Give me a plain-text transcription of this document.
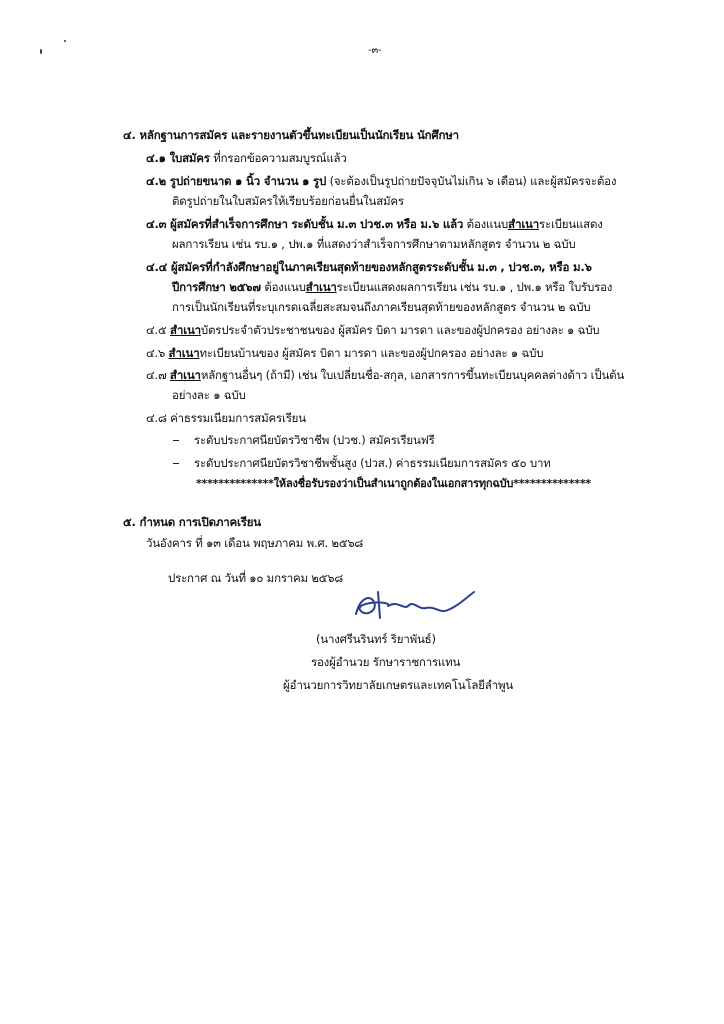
-๓-
๔. หลักฐานการสมัคร และรายงานตัวขึ้นทะเบียนเป็นนักเรียน นักศึกษา
๔.๑ ใบสมัคร ที่กรอกข้อความสมบูรณ์แล้ว
๔.๒ รูปถ่ายขนาด ๑ นิ้ว จำนวน ๑ รูป (จะต้องเป็นรูปถ่ายปัจจุบันไม่เกิน ๖ เดือน) และผู้สมัครจะต้อง
ติดรูปถ่ายในใบสมัครให้เรียบร้อยก่อนยื่นในสมัคร
๔.๓ ผู้สมัครที่สำเร็จการศึกษา ระดับชั้น ม.๓ ปวช.๓ หรือ ม.๖ แล้ว ต้องแนบสำเนาระเบียนแสดง
ผลการเรียน เช่น รบ.๑ , ปพ.๑ ที่แสดงว่าสำเร็จการศึกษาตามหลักสูตร จำนวน ๒ ฉบับ
๔.๔ ผู้สมัครที่กำลังศึกษาอยู่ในภาคเรียนสุดท้ายของหลักสูตรระดับชั้น ม.๓ , ปวช.๓, หรือ ม.๖
ปีการศึกษา ๒๕๖๗ ต้องแนบสำเนาระเบียนแสดงผลการเรียน เช่น รบ.๑ , ปพ.๑ หรือ ใบรับรอง
การเป็นนักเรียนที่ระบุเกรดเฉลี่ยสะสมจนถึงภาคเรียนสุดท้ายของหลักสูตร จำนวน ๒ ฉบับ
๔.๕ สำเนาบัตรประจำตัวประชาชนของ ผู้สมัคร บิดา มารดา และของผู้ปกครอง อย่างละ ๑ ฉบับ
๔.๖ สำเนาทะเบียนบ้านของ ผู้สมัคร บิดา มารดา และของผู้ปกครอง อย่างละ ๑ ฉบับ
๔.๗ สำเนาหลักฐานอื่นๆ (ถ้ามี) เช่น ใบเปลี่ยนชื่อ-สกุล, เอกสารการขึ้นทะเบียนบุคคลต่างด้าว เป็นต้น
อย่างละ ๑ ฉบับ
๔.๘ ค่าธรรมเนียมการสมัครเรียน
ระดับประกาศนียบัตรวิชาชีพ (ปวช.) สมัครเรียนฟรี
ระดับประกาศนียบัตรวิชาชีพชั้นสูง (ปวส.) ค่าธรรมเนียมการสมัคร ๕๐ บาท
**************ให้ลงชื่อรับรองว่าเป็นสำเนาถูกต้องในเอกสารทุกฉบับ**************
๕. กำหนด การเปิดภาคเรียน
วันอังคาร ที่ ๑๓ เดือน พฤษภาคม พ.ศ. ๒๕๖๘
ประกาศ ณ วันที่ ๑๐ มกราคม ๒๕๖๘
(นางศรีนรินทร์ ริยาพันธ์)
รองผู้อำนวย รักษาราชการแทน
ผู้อำนวยการวิทยาลัยเกษตรและเทคโนโลยีลำพูน
